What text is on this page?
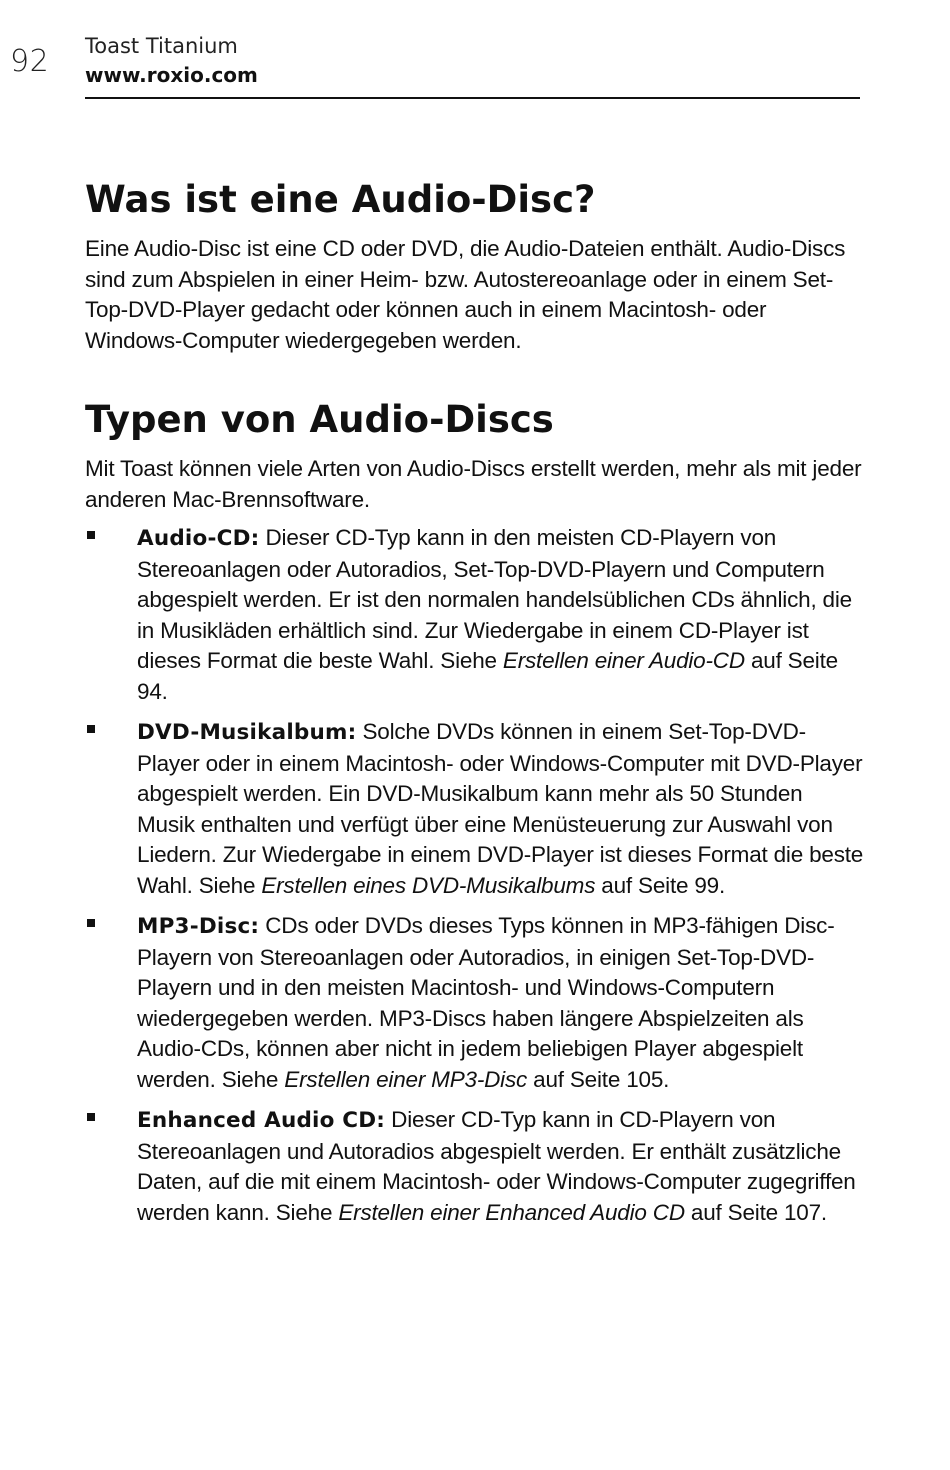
92 Toast Titanium
www.roxio.com
Was ist eine Audio-Disc?

Eine Audio-Disc ist eine CD oder DVD, die Audio-Dateien enthält. Audio-Discs sind zum Abspielen in einer Heim- bzw. Autostereoanlage oder in einem Set-Top-DVD-Player gedacht oder können auch in einem Macintosh- oder Windows-Computer wiedergegeben werden.

Typen von Audio-Discs

Mit Toast können viele Arten von Audio-Discs erstellt werden, mehr als mit jeder anderen Mac-Brennsoftware.

Audio-CD: Dieser CD-Typ kann in den meisten CD-Playern von Stereoanlagen oder Autoradios, Set-Top-DVD-Playern und Computern abgespielt werden. Er ist den normalen handelsüblichen CDs ähnlich, die in Musikläden erhältlich sind. Zur Wiedergabe in einem CD-Player ist dieses Format die beste Wahl. Siehe Erstellen einer Audio-CD auf Seite 94.
DVD-Musikalbum: Solche DVDs können in einem Set-Top-DVD-Player oder in einem Macintosh- oder Windows-Computer mit DVD-Player abgespielt werden. Ein DVD-Musikalbum kann mehr als 50 Stunden Musik enthalten und verfügt über eine Menüsteuerung zur Auswahl von Liedern. Zur Wiedergabe in einem DVD-Player ist dieses Format die beste Wahl. Siehe Erstellen eines DVD-Musikalbums auf Seite 99.
MP3-Disc: CDs oder DVDs dieses Typs können in MP3-fähigen Disc-Playern von Stereoanlagen oder Autoradios, in einigen Set-Top-DVD-Playern und in den meisten Macintosh- und Windows-Computern wiedergegeben werden. MP3-Discs haben längere Abspielzeiten als Audio-CDs, können aber nicht in jedem beliebigen Player abgespielt werden. Siehe Erstellen einer MP3-Disc auf Seite 105.
Enhanced Audio CD: Dieser CD-Typ kann in CD-Playern von Stereoanlagen und Autoradios abgespielt werden. Er enthält zusätzliche Daten, auf die mit einem Macintosh- oder Windows-Computer zugegriffen werden kann. Siehe Erstellen einer Enhanced Audio CD auf Seite 107.
